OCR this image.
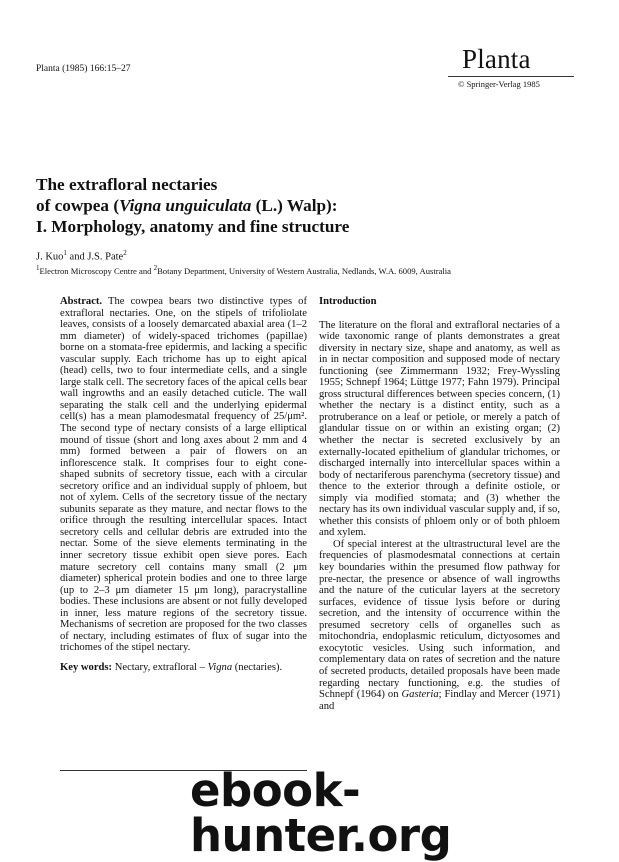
Planta (1985) 166:15–27	Planta
© Springer-Verlag 1985
The extrafloral nectaries
of cowpea (Vigna unguiculata (L.) Walp):
I. Morphology, anatomy and fine structure
J. Kuo$^1$ and J.S. Pate$^2$
$^1$Electron Microscopy Centre and $^2$Botany Department, University of Western Australia, Nedlands, W.A. 6009, Australia

Abstract. The cowpea bears two distinctive types of extrafloral nectaries. One, on the stipels of trifoliolate leaves, consists of a loosely demarcated abaxial area (1–2 mm diameter) of widely-spaced trichomes (papillae) borne on a stomata-free epidermis, and lacking a specific vascular supply. Each trichome has up to eight apical (head) cells, two to four intermediate cells, and a single large stalk cell. The secretory faces of the apical cells bear wall ingrowths and an easily detached cuticle. The wall separating the stalk cell and the underlying epidermal cell(s) has a mean plamodesmatal frequency of 25/μm². The second type of nectary consists of a large elliptical mound of tissue (short and long axes about 2 mm and 4 mm) formed between a pair of flowers on an inflorescence stalk. It comprises four to eight cone-shaped subnits of secretory tissue, each with a circular secretory orifice and an individual supply of phloem, but not of xylem. Cells of the secretory tissue of the nectary subunits separate as they mature, and nectar flows to the orifice through the resulting intercellular spaces. Intact secretory cells and cellular debris are extruded into the nectar. Some of the sieve elements terminating in the inner secretory tissue exhibit open sieve pores. Each mature secretory cell contains many small (2 μm diameter) spherical protein bodies and one to three large (up to 2–3 μm diameter 15 μm long), paracrystalline bodies. These inclusions are absent or not fully developed in inner, less mature regions of the secretory tissue. Mechanisms of secretion are proposed for the two classes of nectary, including estimates of flux of sugar into the trichomes of the stipel nectary.

Key words: Nectary, extrafloral – Vigna (nectaries).

Introduction

The literature on the floral and extrafloral nectaries of a wide taxonomic range of plants demonstrates a great diversity in nectary size, shape and anatomy, as well as in in nectar composition and supposed mode of nectary functioning (see Zimmermann 1932; Frey-Wyssling 1955; Schnepf 1964; Lüttge 1977; Fahn 1979). Principal gross structural differences between species concern, (1) whether the nectary is a distinct entity, such as a protruberance on a leaf or petiole, or merely a patch of glandular tissue on or within an existing organ; (2) whether the nectar is secreted exclusively by an externally-located epithelium of glandular trichomes, or discharged internally into intercellular spaces within a body of nectariferous parenchyma (secretory tissue) and thence to the exterior through a definite ostiole, or simply via modified stomata; and (3) whether the nectary has its own individual vascular supply and, if so, whether this consists of phloem only or of both phloem and xylem.

Of special interest at the ultrastructural level are the frequencies of plasmodesmatal connections at certain key boundaries within the presumed flow pathway for pre-nectar, the presence or absence of wall ingrowths and the nature of the cuticular layers at the secretory surfaces, evidence of tissue lysis before or during secretion, and the intensity of occurrence within the presumed secretory cells of organelles such as mitochondria, endoplasmic reticulum, dictyosomes and exocytotic vesicles. Using such information, and complementary data on rates of secretion and the nature of secreted products, detailed proposals have been made regarding nectary functioning, e.g. the studies of Schnepf (1964) on Gasteria; Findlay and Mercer (1971) and

ebook-hunter.org
